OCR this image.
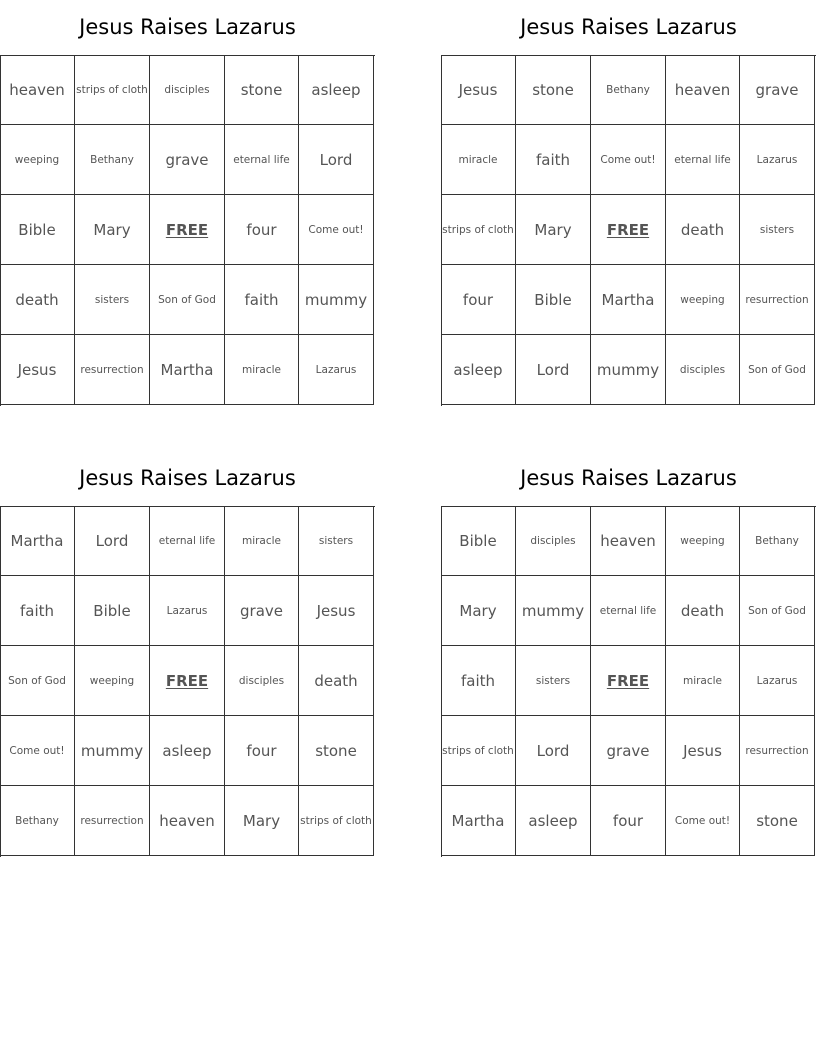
Jesus Raises Lazarus
heaven	strips of cloth	disciples	stone	asleep
weeping	Bethany	grave	eternal life	Lord
Bible	Mary	FREE	four	Come out!
death	sisters	Son of God	faith	mummy
Jesus	resurrection	Martha	miracle	Lazarus
Jesus Raises Lazarus
Jesus	stone	Bethany	heaven	grave
miracle	faith	Come out!	eternal life	Lazarus
strips of cloth	Mary	FREE	death	sisters
four	Bible	Martha	weeping	resurrection
asleep	Lord	mummy	disciples	Son of God
Jesus Raises Lazarus
Martha	Lord	eternal life	miracle	sisters
faith	Bible	Lazarus	grave	Jesus
Son of God	weeping	FREE	disciples	death
Come out!	mummy	asleep	four	stone
Bethany	resurrection	heaven	Mary	strips of cloth
Jesus Raises Lazarus
Bible	disciples	heaven	weeping	Bethany
Mary	mummy	eternal life	death	Son of God
faith	sisters	FREE	miracle	Lazarus
strips of cloth	Lord	grave	Jesus	resurrection
Martha	asleep	four	Come out!	stone
